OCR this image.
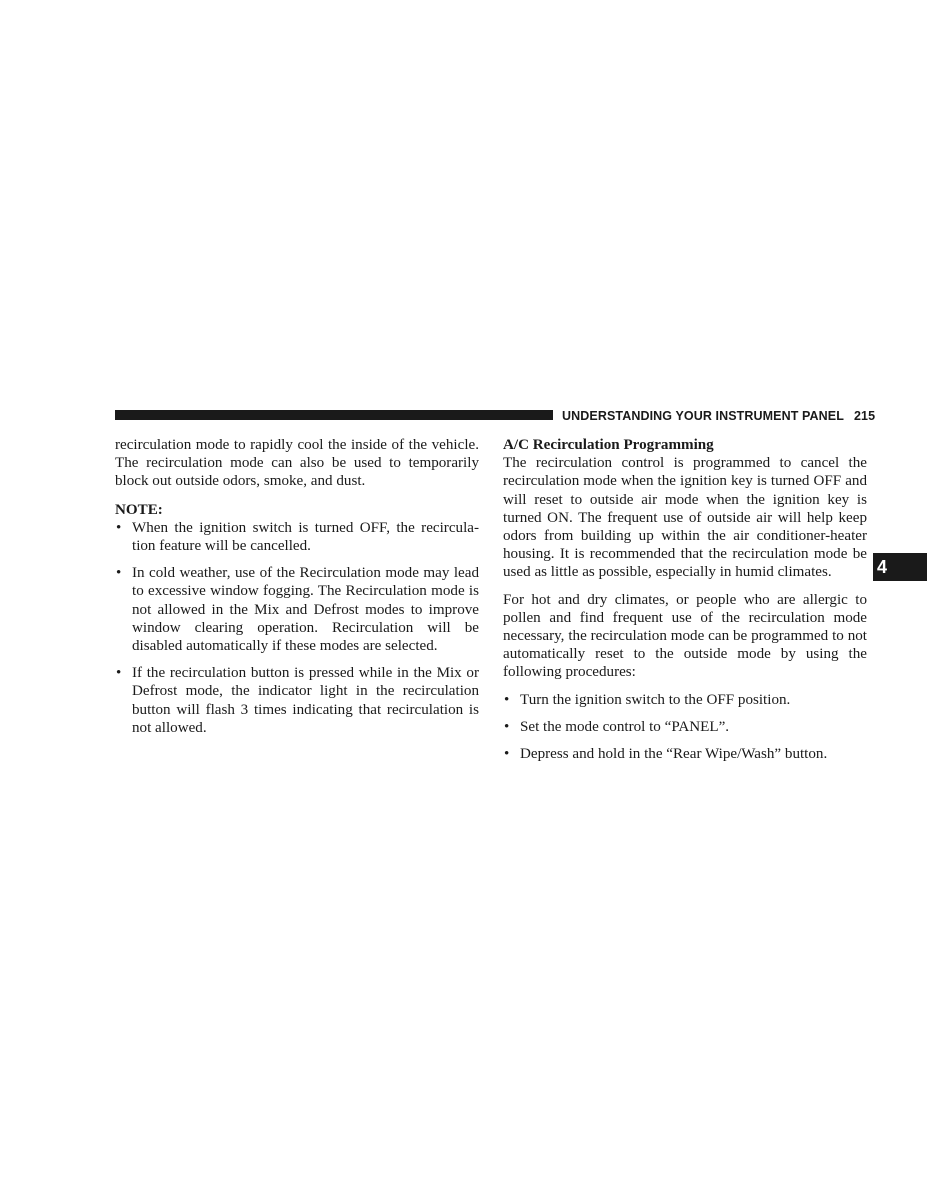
UNDERSTANDING YOUR INSTRUMENT PANEL 215
4

recirculation mode to rapidly cool the inside of the vehicle. The recirculation mode can also be used to temporarily block out outside odors, smoke, and dust.

NOTE:

• When the ignition switch is turned OFF, the recircula-tion feature will be cancelled.
• In cold weather, use of the Recirculation mode may lead to excessive window fogging. The Recirculation mode is not allowed in the Mix and Defrost modes to improve window clearing operation. Recirculation will be disabled automatically if these modes are selected.
• If the recirculation button is pressed while in the Mix or Defrost mode, the indicator light in the recirculation button will flash 3 times indicating that recirculation is not allowed.

A/C Recirculation Programming

The recirculation control is programmed to cancel the recirculation mode when the ignition key is turned OFF and will reset to outside air mode when the ignition key is turned ON. The frequent use of outside air will help keep odors from building up within the air conditioner-heater housing. It is recommended that the recirculation mode be used as little as possible, especially in humid climates.

For hot and dry climates, or people who are allergic to pollen and find frequent use of the recirculation mode necessary, the recirculation mode can be programmed to not automatically reset to the outside mode by using the following procedures:

• Turn the ignition switch to the OFF position.
• Set the mode control to “PANEL”.
• Depress and hold in the “Rear Wipe/Wash” button.
